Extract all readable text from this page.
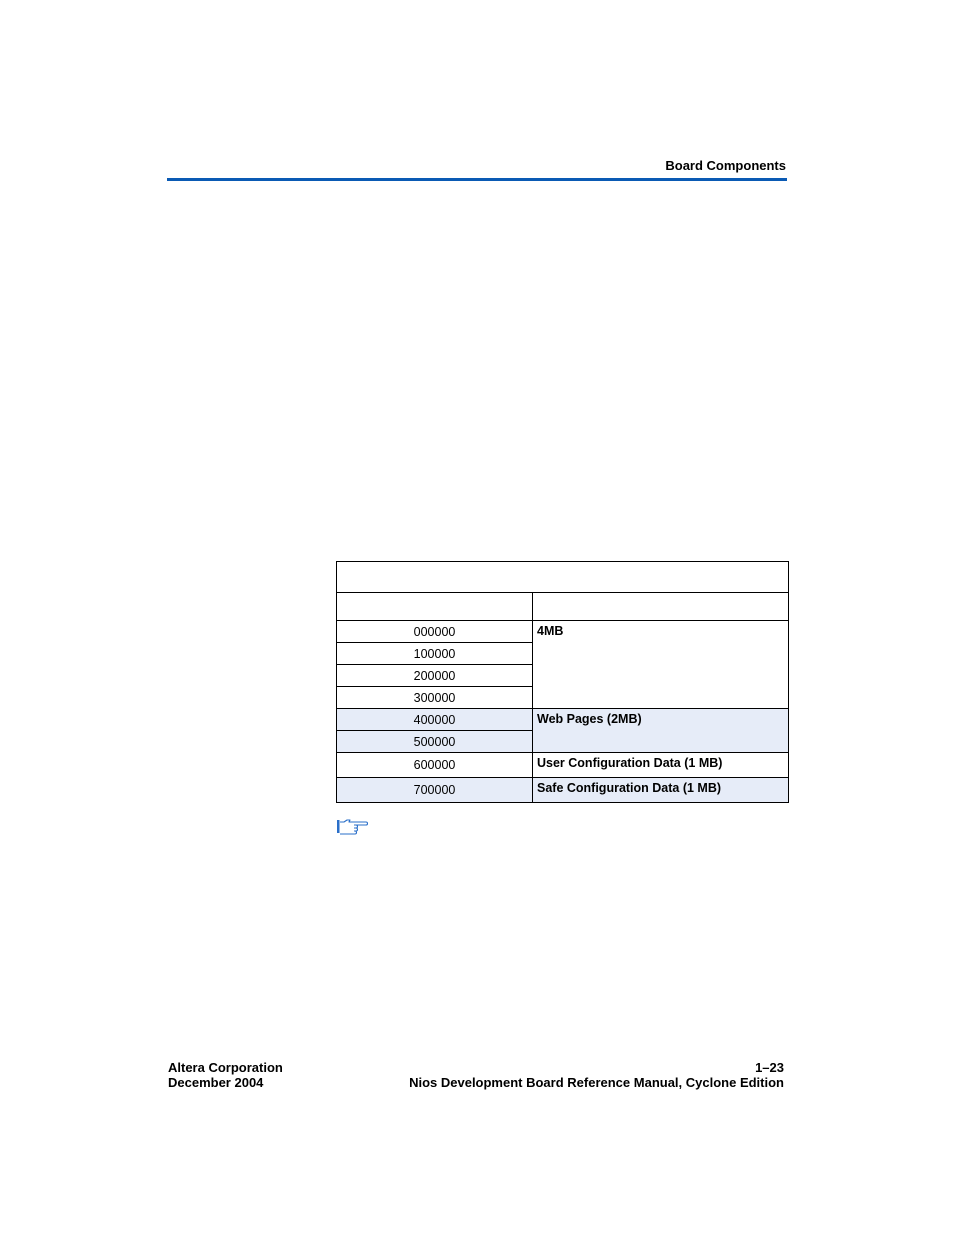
Board Components

000000	4MB
100000	
200000	
300000	
400000	Web Pages (2MB)
500000	
600000	User Configuration Data (1 MB)
700000	Safe Configuration Data (1 MB)
Altera Corporation
December 2004
1–23
Nios Development Board Reference Manual, Cyclone Edition
